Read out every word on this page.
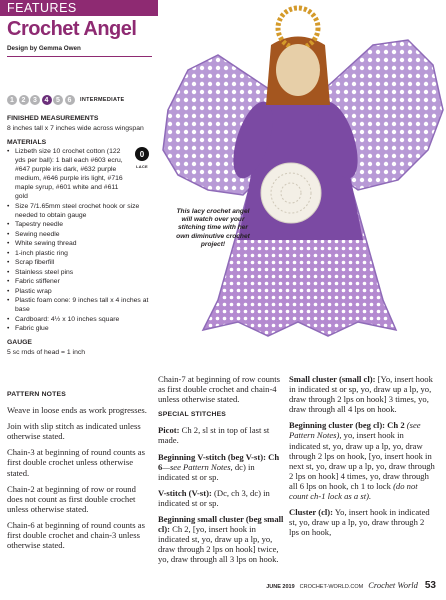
FEATURES
Crochet Angel
Design by Gemma Owen
1	2	3	4	5	6	INTERMEDIATE
FINISHED MEASUREMENTS
8 inches tall x 7 inches wide across wingspan
MATERIALS
• Lizbeth size 10 crochet cotton (122 yds per ball): 1 ball each #603 ecru, #647 purple iris dark, #632 purple medium, #646 purple iris light, #716 maple syrup, #601 white and #611 gold
0
LACE
• Size 7/1.65mm steel crochet hook or size needed to obtain gauge
• Tapestry needle
• Sewing needle
• White sewing thread
• 1-inch plastic ring
• Scrap fiberfill
• Stainless steel pins
• Fabric stiffener
• Plastic wrap
• Plastic foam cone: 9 inches tall x 4 inches at base
• Cardboard: 4½ x 10 inches square
• Fabric glue
GAUGE
5 sc rnds of head = 1 inch
This lacy crochet angel will watch over your stitching time with her own diminutive crochet project!
PATTERN NOTES

Weave in loose ends as work progresses.

Join with slip stitch as indicated unless otherwise stated.

Chain-3 at beginning of round counts as first double crochet unless otherwise stated.

Chain-2 at beginning of row or round does not count as first double crochet unless otherwise stated.

Chain-6 at beginning of round counts as first double crochet and chain-3 unless otherwise stated.

Chain-7 at beginning of row counts as first double crochet and chain-4 unless otherwise stated.

SPECIAL STITCHES

Picot: Ch 2, sl st in top of last st made.

Beginning V-stitch (beg V-st): Ch 6—see Pattern Notes, dc) in indicated st or sp.

V-stitch (V-st): (Dc, ch 3, dc) in indicated st or sp.

Beginning small cluster (beg small cl): Ch 2, [yo, insert hook in indicated st, yo, draw up a lp, yo, draw through 2 lps on hook] twice, yo, draw through all 3 lps on hook.

Small cluster (small cl): [Yo, insert hook in indicated st or sp, yo, draw up a lp, yo, draw through 2 lps on hook] 3 times, yo, draw through all 4 lps on hook.

Beginning cluster (beg cl): Ch 2 (see Pattern Notes), yo, insert hook in indicated st, yo, draw up a lp, yo, draw through 2 lps on hook, [yo, insert hook in next st, yo, draw up a lp, yo, draw through 2 lps on hook] 4 times, yo, draw through all 6 lps on hook, ch 1 to lock (do not count ch-1 lock as a st).

Cluster (cl): Yo, insert hook in indicated st, yo, draw up a lp, yo, draw through 2 lps on hook,

JUNE 2019 CROCHET-WORLD.COM Crochet World 53
